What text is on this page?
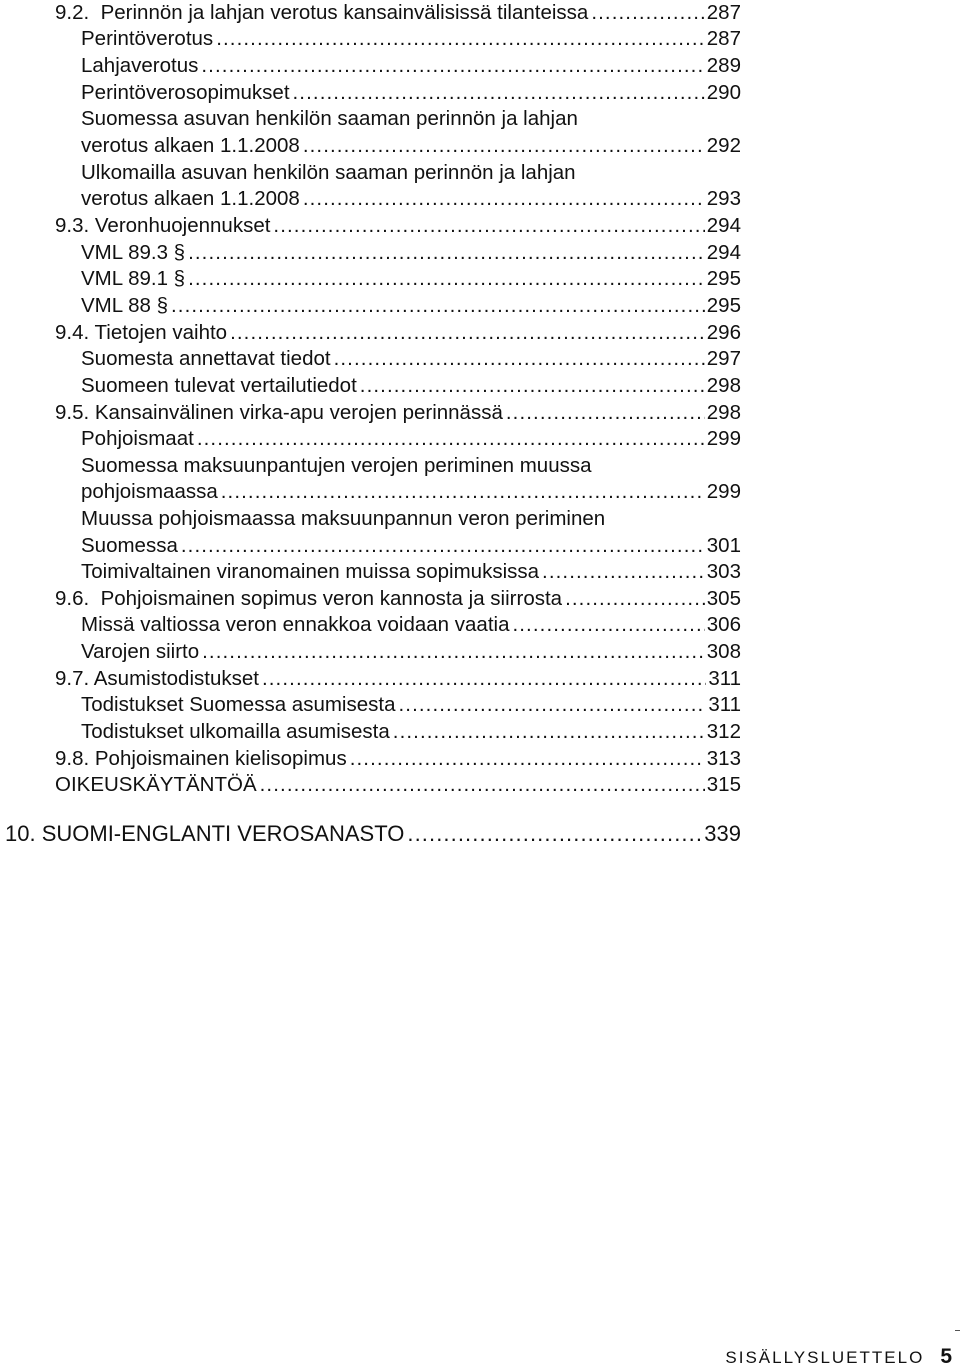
9.2.  Perinnön ja lahjan verotus kansainvälisissä tilanteissa .....	287
Perintöverotus .....	287
Lahjaverotus .....	289
Perintöverosopimukset .....	290
Suomessa asuvan henkilön saaman perinnön ja lahjan
verotus alkaen 1.1.2008 .....	292
Ulkomailla asuvan henkilön saaman perinnön ja lahjan
verotus alkaen 1.1.2008 .....	293
9.3. Veronhuojennukset .....	294
VML 89.3 § .....	294
VML 89.1 § .....	295
VML 88 § .....	295
9.4. Tietojen vaihto .....	296
Suomesta annettavat tiedot .....	297
Suomeen tulevat vertailutiedot .....	298
9.5. Kansainvälinen virka-apu verojen perinnässä .....	298
Pohjoismaat .....	299
Suomessa maksuunpantujen verojen periminen muussa
pohjoismaassa .....	299
Muussa pohjoismaassa maksuunpannun veron periminen
Suomessa .....	301
Toimivaltainen viranomainen muissa sopimuksissa .....	303
9.6.  Pohjoismainen sopimus veron kannosta ja siirrosta .....	305
Missä valtiossa veron ennakkoa voidaan vaatia .....	306
Varojen siirto .....	308
9.7. Asumistodistukset .....	311
Todistukset Suomessa asumisesta .....	311
Todistukset ulkomailla asumisesta .....	312
9.8. Pohjoismainen kielisopimus .....	313
OIKEUSKÄYTÄNTÖÄ .....	315
10. SUOMI-ENGLANTI VEROSANASTO .....	339
SISÄLLYSLUETTELO 5
